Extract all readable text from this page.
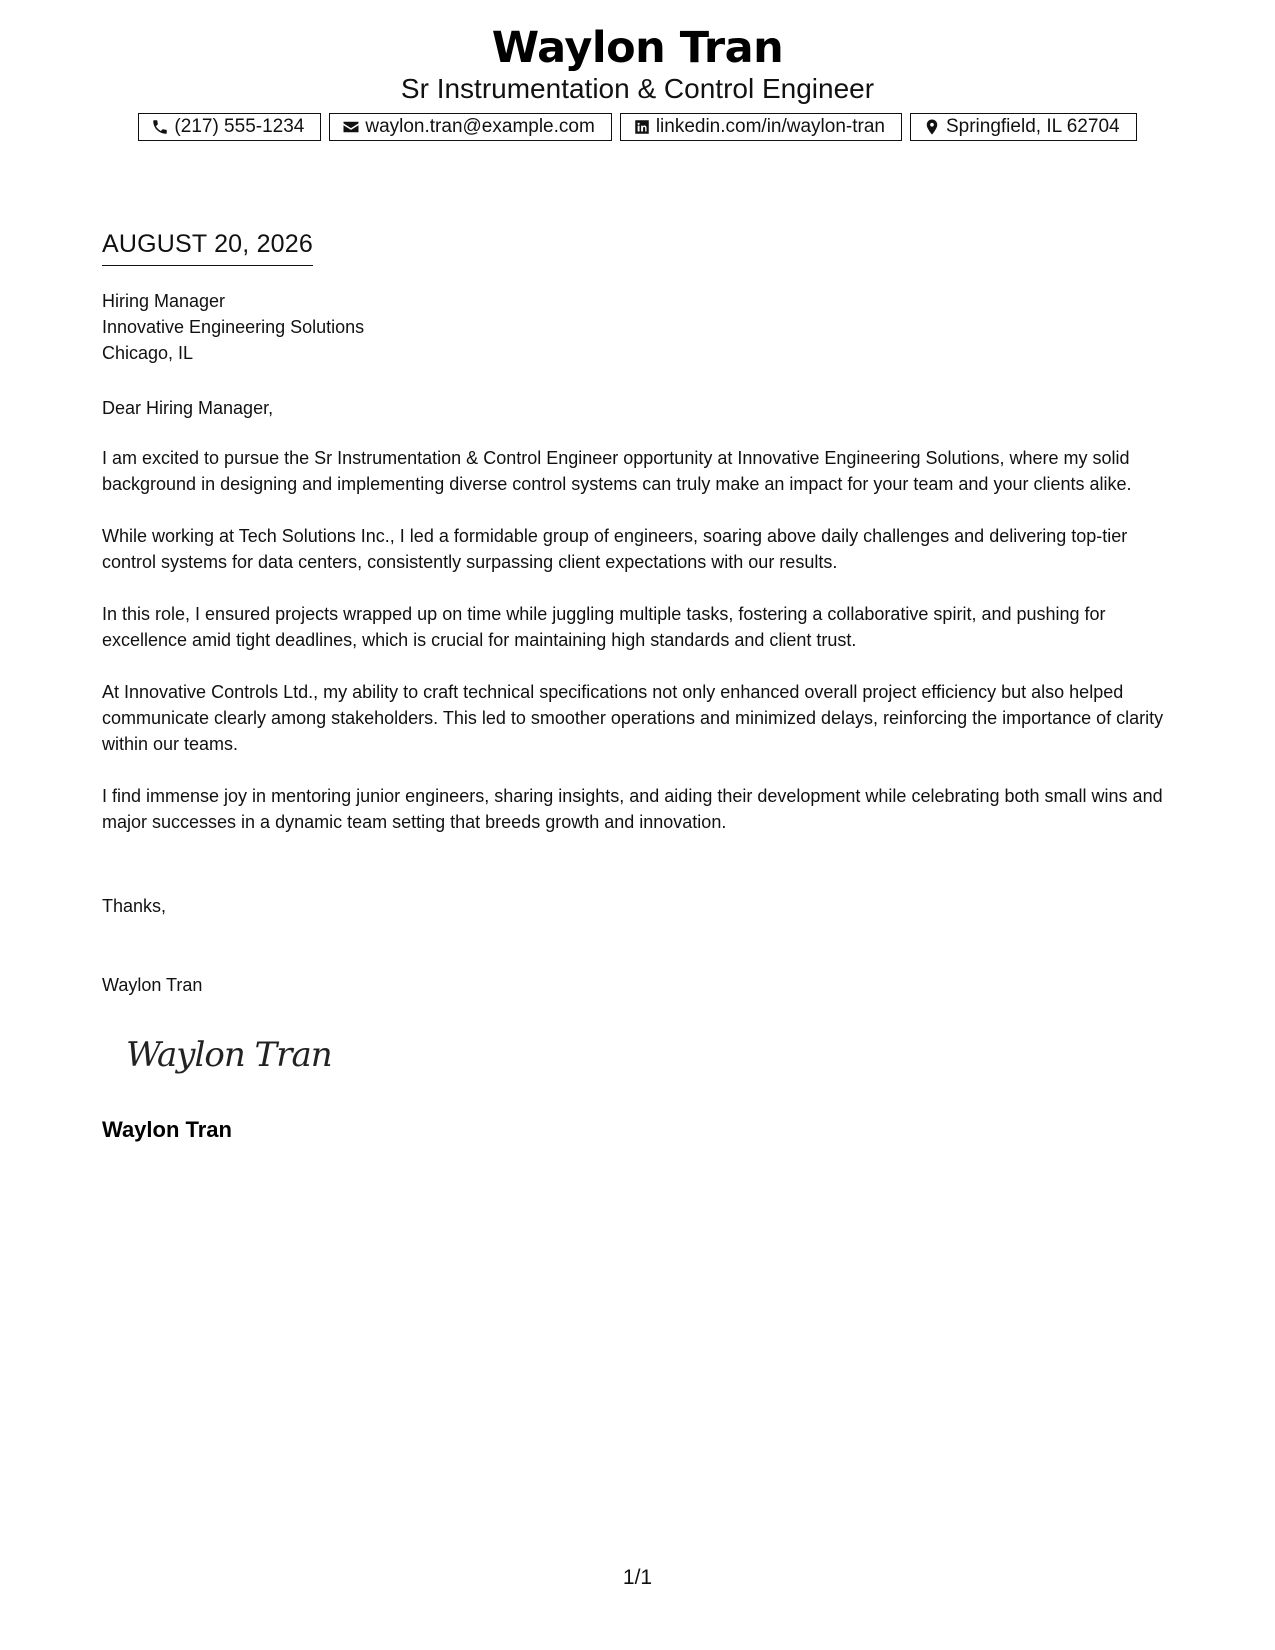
Waylon Tran
Sr Instrumentation & Control Engineer
(217) 555-1234	waylon.tran@example.com	linkedin.com/in/waylon-tran	Springfield, IL 62704
AUGUST 20, 2026
Hiring Manager
Innovative Engineering Solutions
Chicago, IL

Dear Hiring Manager,

I am excited to pursue the Sr Instrumentation & Control Engineer opportunity at Innovative Engineering Solutions, where my solid background in designing and implementing diverse control systems can truly make an impact for your team and your clients alike.

While working at Tech Solutions Inc., I led a formidable group of engineers, soaring above daily challenges and delivering top-tier control systems for data centers, consistently surpassing client expectations with our results.

In this role, I ensured projects wrapped up on time while juggling multiple tasks, fostering a collaborative spirit, and pushing for excellence amid tight deadlines, which is crucial for maintaining high standards and client trust.

At Innovative Controls Ltd., my ability to craft technical specifications not only enhanced overall project efficiency but also helped communicate clearly among stakeholders. This led to smoother operations and minimized delays, reinforcing the importance of clarity within our teams.

I find immense joy in mentoring junior engineers, sharing insights, and aiding their development while celebrating both small wins and major successes in a dynamic team setting that breeds growth and innovation.

Thanks,
Waylon Tran
Waylon Tran
Waylon Tran
1/1
